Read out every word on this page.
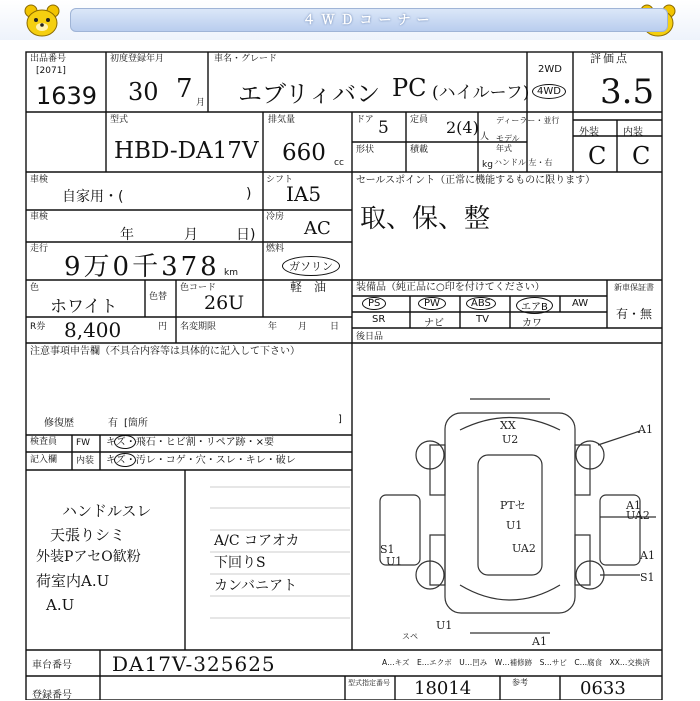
４ＷＤコーナー
出品番号
[2071]
1639
初度登録年月
30 7 月
車名・グレード
エブリィバン PC (ハイルーフ)
2WD
4WD
評価点
3.5
外装 内装
C C
型式
HBD-DA17V
排気量
660 cc
ドア 5 定員 2(4) 人
ディーラー・並行
モデル年式
ハンドル 左・右
形状	積載
kg
車検
自家用・(	)
車検
年	月	日)
走行
9万0千378 km
色
ホワイト	色替
色コード
26U
R券 8,400	円 名変期限	年 月	日
シフト
IA5
冷房
AC
燃料
ガソリン
軽　油
セールスポイント（正常に機能するものに限ります）
取、保、整
装備品（純正品に○印を付けてください）	新車保証書
有・無
PS	PW	ABS	エアB	AW
SR	ナビ	TV	カワ
後日品
注意事項申告欄（不具合内容等は具体的に記入して下さい）
修復歴	有 [箇所	]
検査員
記入欄
FW キズ・飛石・ヒビ割・リペア跡・×要
内装 キズ・汚レ・コゲ・穴・スレ・キレ・破レ
ハンドルスレ
天張りシミ
外装PアセO歓粉
荷室内A.U
A.U
A/C コアオカ
下回りS
カンバニアト
XX
U2
A1
PTセ
U1
UA2
UA2
S1
U1	A1
S1
A1
U1
A1
スペ
A…キズ　E…エクボ　U…凹み　W…補修跡　S…サビ　C…腐食　XX…交換済
車台番号 DA17V-325625
登録番号
型式指定番号 18014	参考	0633
